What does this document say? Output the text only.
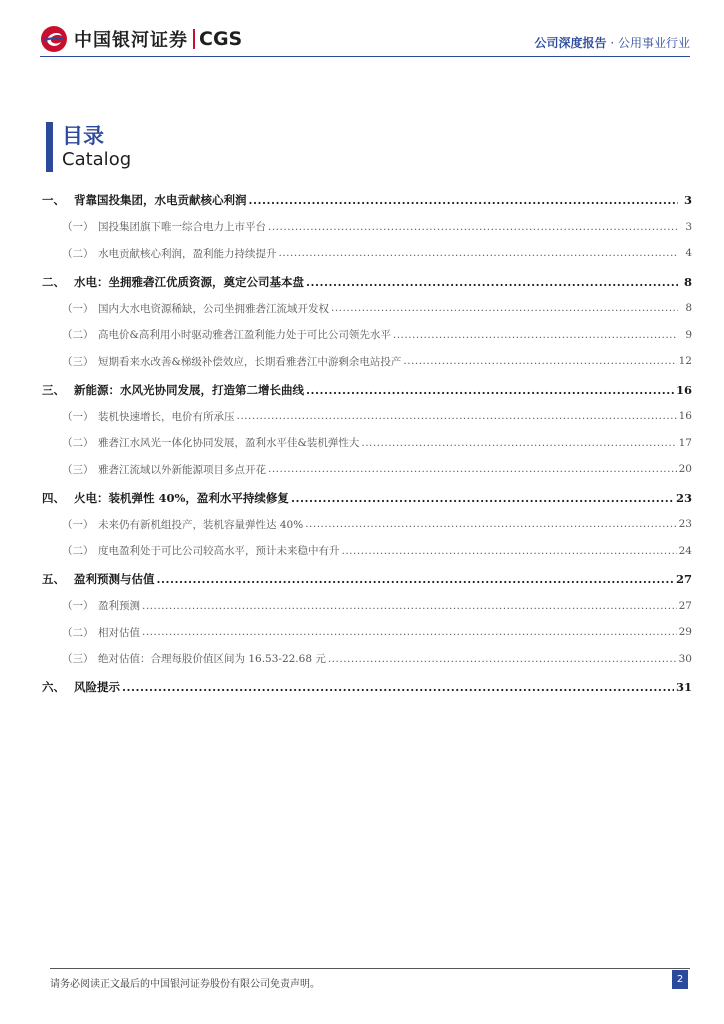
中国银河证券 CGS	公司深度报告 · 公用事业行业
目录
Catalog
一、 背靠国投集团，水电贡献核心利润 .....	3
（一） 国投集团旗下唯一综合电力上市平台 .....	3
（二） 水电贡献核心利润，盈利能力持续提升 .....	4
二、 水电：坐拥雅砻江优质资源，奠定公司基本盘 .....	8
（一） 国内大水电资源稀缺，公司坐拥雅砻江流域开发权 .....	8
（二） 高电价&高利用小时驱动雅砻江盈利能力处于可比公司领先水平 .....	9
（三） 短期看来水改善&梯级补偿效应，长期看雅砻江中游剩余电站投产 .....	12
三、 新能源：水风光协同发展，打造第二增长曲线 .....	16
（一） 装机快速增长，电价有所承压 .....	16
（二） 雅砻江水风光一体化协同发展，盈利水平佳&装机弹性大 .....	17
（三） 雅砻江流域以外新能源项目多点开花 .....	20
四、 火电：装机弹性 40%，盈利水平持续修复 .....	23
（一） 未来仍有新机组投产，装机容量弹性达 40% .....	23
（二） 度电盈利处于可比公司较高水平，预计未来稳中有升 .....	24
五、 盈利预测与估值 .....	27
（一） 盈利预测 .....	27
（二） 相对估值 .....	29
（三） 绝对估值：合理每股价值区间为 16.53-22.68 元 .....	30
六、 风险提示 .....	31
请务必阅读正文最后的中国银河证券股份有限公司免责声明。	2
